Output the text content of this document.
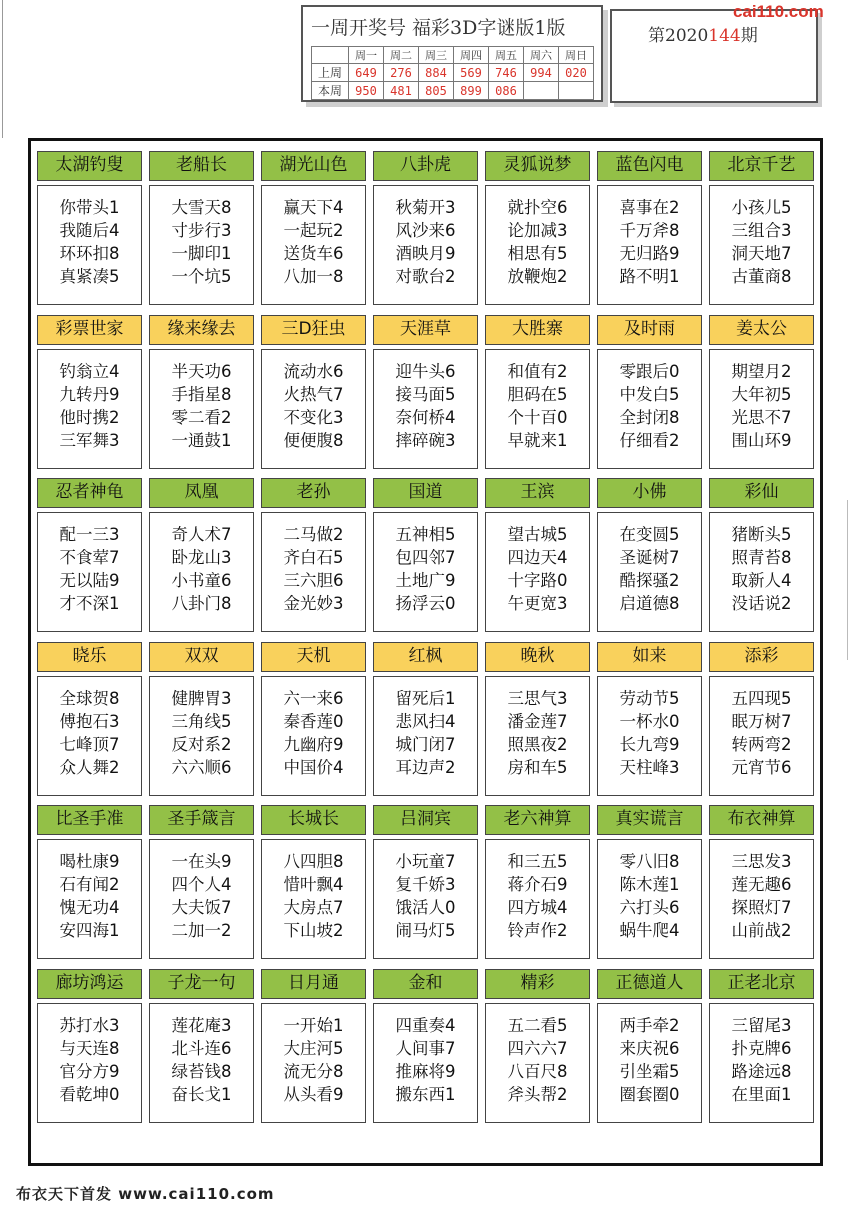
一周开奖号 福彩3D字谜版1版
	周一	周二	周三	周四	周五	周六	周日
上周	649	276	884	569	746	994	020
本周	950	481	805	899	086		
第2020144期
cai110.com
太湖钓叟
你带头1
我随后4
环环扣8
真紧凑5
老船长
大雪天8
寸步行3
一脚印1
一个坑5
湖光山色
赢天下4
一起玩2
送货车6
八加一8
八卦虎
秋菊开3
风沙来6
酒映月9
对歌台2
灵狐说梦
就扑空6
论加减3
相思有5
放鞭炮2
蓝色闪电
喜事在2
千万斧8
无归路9
路不明1
北京千艺
小孩儿5
三组合3
洞天地7
古董商8
彩票世家
钓翁立4
九转丹9
他时携2
三军舞3
缘来缘去
半天功6
手指星8
零二看2
一通鼓1
三D狂虫
流动水6
火热气7
不变化3
便便腹8
天涯草
迎牛头6
接马面5
奈何桥4
摔碎碗3
大胜寨
和值有2
胆码在5
个十百0
早就来1
及时雨
零跟后0
中发白5
全封闭8
仔细看2
姜太公
期望月2
大年初5
光思不7
围山环9
忍者神龟
配一三3
不食荤7
无以陆9
才不深1
凤凰
奇人术7
卧龙山3
小书童6
八卦门8
老孙
二马做2
齐白石5
三六胆6
金光妙3
国道
五神相5
包四邻7
土地广9
扬浮云0
王滨
望古城5
四边天4
十字路0
午更宽3
小佛
在变圆5
圣诞树7
酷探骚2
启道德8
彩仙
猪断头5
照青苔8
取新人4
没话说2
晓乐
全球贺8
傅抱石3
七峰顶7
众人舞2
双双
健脾胃3
三角线5
反对系2
六六顺6
天机
六一来6
秦香莲0
九幽府9
中国价4
红枫
留死后1
悲风扫4
城门闭7
耳边声2
晚秋
三思气3
潘金莲7
照黑夜2
房和车5
如来
劳动节5
一杯水0
长九弯9
天柱峰3
添彩
五四现5
眠万树7
转两弯2
元宵节6
比圣手准
喝杜康9
石有闻2
愧无功4
安四海1
圣手箴言
一在头9
四个人4
大夫饭7
二加一2
长城长
八四胆8
惜叶飘4
大房点7
下山坡2
吕洞宾
小玩童7
复千娇3
饿活人0
闹马灯5
老六神算
和三五5
蒋介石9
四方城4
铃声作2
真实谎言
零八旧8
陈木莲1
六打头6
蜗牛爬4
布衣神算
三思发3
莲无趣6
探照灯7
山前战2
廊坊鸿运
苏打水3
与天连8
官分方9
看乾坤0
子龙一句
莲花庵3
北斗连6
绿苔钱8
奋长戈1
日月通
一开始1
大庄河5
流无分8
从头看9
金和
四重奏4
人间事7
推麻将9
搬东西1
精彩
五二看5
四六六7
八百尺8
斧头帮2
正德道人
两手牵2
来庆祝6
引坐霜5
圈套圈0
正老北京
三留尾3
扑克牌6
路途远8
在里面1
布衣天下首发 www.cai110.com
